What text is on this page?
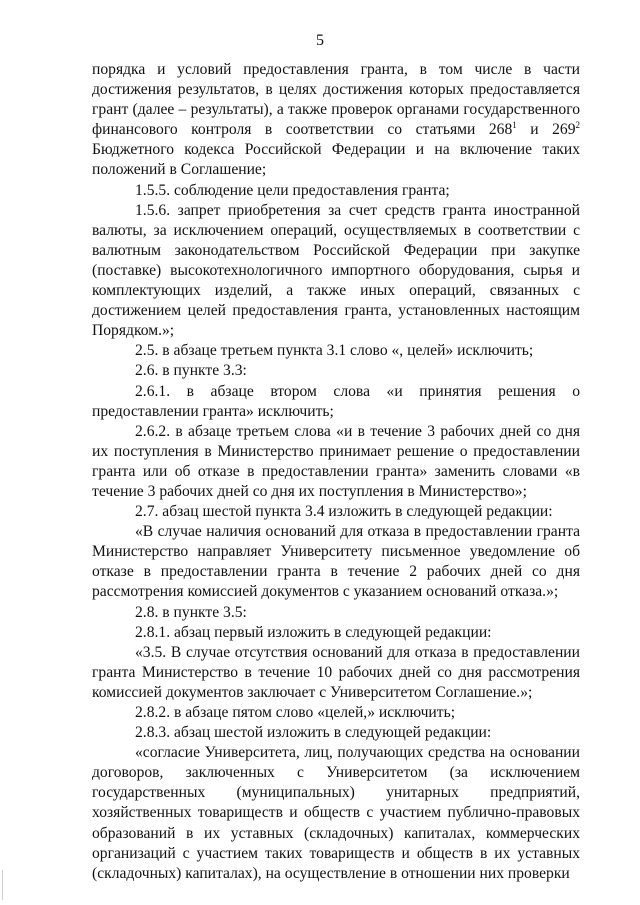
5

порядка и условий предоставления гранта, в том числе в части достижения результатов, в целях достижения которых предоставляется грант (далее – результаты), а также проверок органами государственного финансового контроля в соответствии со статьями $268^1$ и $269^2$ Бюджетного кодекса Российской Федерации и на включение таких положений в Соглашение;

1.5.5. соблюдение цели предоставления гранта;

1.5.6. запрет приобретения за счет средств гранта иностранной валюты, за исключением операций, осуществляемых в соответствии с валютным законодательством Российской Федерации при закупке (поставке) высокотехнологичного импортного оборудования, сырья и комплектующих изделий, а также иных операций, связанных с достижением целей предоставления гранта, установленных настоящим Порядком.»;

2.5. в абзаце третьем пункта 3.1 слово «, целей» исключить;

2.6. в пункте 3.3:

2.6.1. в абзаце втором слова «и принятия решения о предоставлении гранта» исключить;

2.6.2. в абзаце третьем слова «и в течение 3 рабочих дней со дня их поступления в Министерство принимает решение о предоставлении гранта или об отказе в предоставлении гранта» заменить словами «в течение 3 рабочих дней со дня их поступления в Министерство»;

2.7. абзац шестой пункта 3.4 изложить в следующей редакции:

«В случае наличия оснований для отказа в предоставлении гранта Министерство направляет Университету письменное уведомление об отказе в предоставлении гранта в течение 2 рабочих дней со дня рассмотрения комиссией документов с указанием оснований отказа.»;

2.8. в пункте 3.5:

2.8.1. абзац первый изложить в следующей редакции:

«3.5. В случае отсутствия оснований для отказа в предоставлении гранта Министерство в течение 10 рабочих дней со дня рассмотрения комиссией документов заключает с Университетом Соглашение.»;

2.8.2. в абзаце пятом слово «целей,» исключить;

2.8.3. абзац шестой изложить в следующей редакции:

«согласие Университета, лиц, получающих средства на основании договоров, заключенных с Университетом (за исключением государственных (муниципальных) унитарных предприятий, хозяйственных товариществ и обществ с участием публично-правовых образований в их уставных (складочных) капиталах, коммерческих организаций с участием таких товариществ и обществ в их уставных (складочных) капиталах), на осуществление в отношении них проверки
